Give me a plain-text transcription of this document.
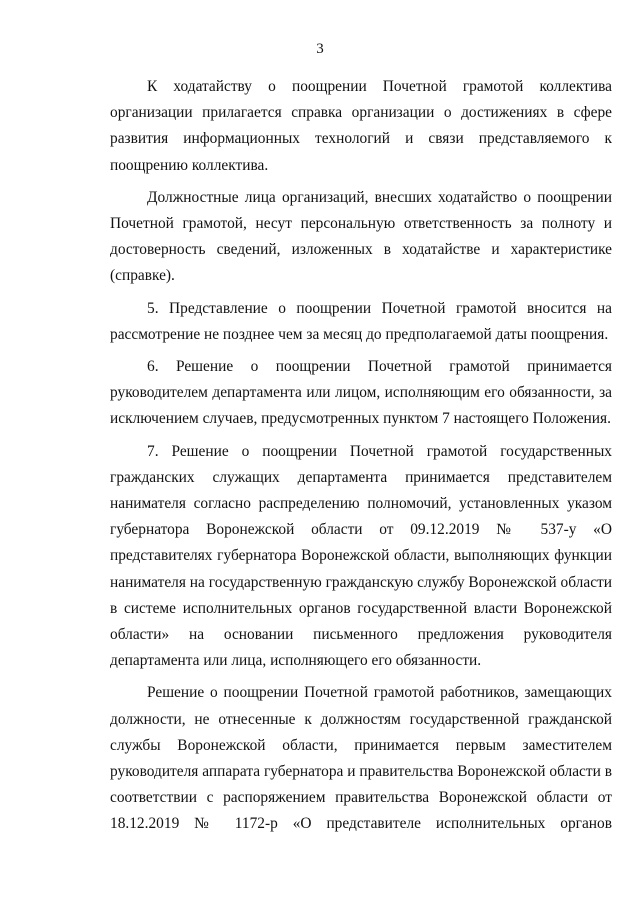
3

К ходатайству о поощрении Почетной грамотой коллектива организации прилагается справка организации о достижениях в сфере развития информационных технологий и связи представляемого к поощрению коллектива.

Должностные лица организаций, внесших ходатайство о поощрении Почетной грамотой, несут персональную ответственность за полноту и достоверность сведений, изложенных в ходатайстве и характеристике (справке).

5. Представление о поощрении Почетной грамотой вносится на рассмотрение не позднее чем за месяц до предполагаемой даты поощрения.

6. Решение о поощрении Почетной грамотой принимается руководителем департамента или лицом, исполняющим его обязанности, за исключением случаев, предусмотренных пунктом 7 настоящего Положения.

7. Решение о поощрении Почетной грамотой государственных гражданских служащих департамента принимается представителем нанимателя согласно распределению полномочий, установленных указом губернатора Воронежской области от 09.12.2019 № 537-у «О представителях губернатора Воронежской области, выполняющих функции нанимателя на государственную гражданскую службу Воронежской области в системе исполнительных органов государственной власти Воронежской области» на основании письменного предложения руководителя департамента или лица, исполняющего его обязанности.

Решение о поощрении Почетной грамотой работников, замещающих должности, не отнесенные к должностям государственной гражданской службы Воронежской области, принимается первым заместителем руководителя аппарата губернатора и правительства Воронежской области в соответствии с распоряжением правительства Воронежской области от 18.12.2019 № 1172-р «О представителе исполнительных органов
